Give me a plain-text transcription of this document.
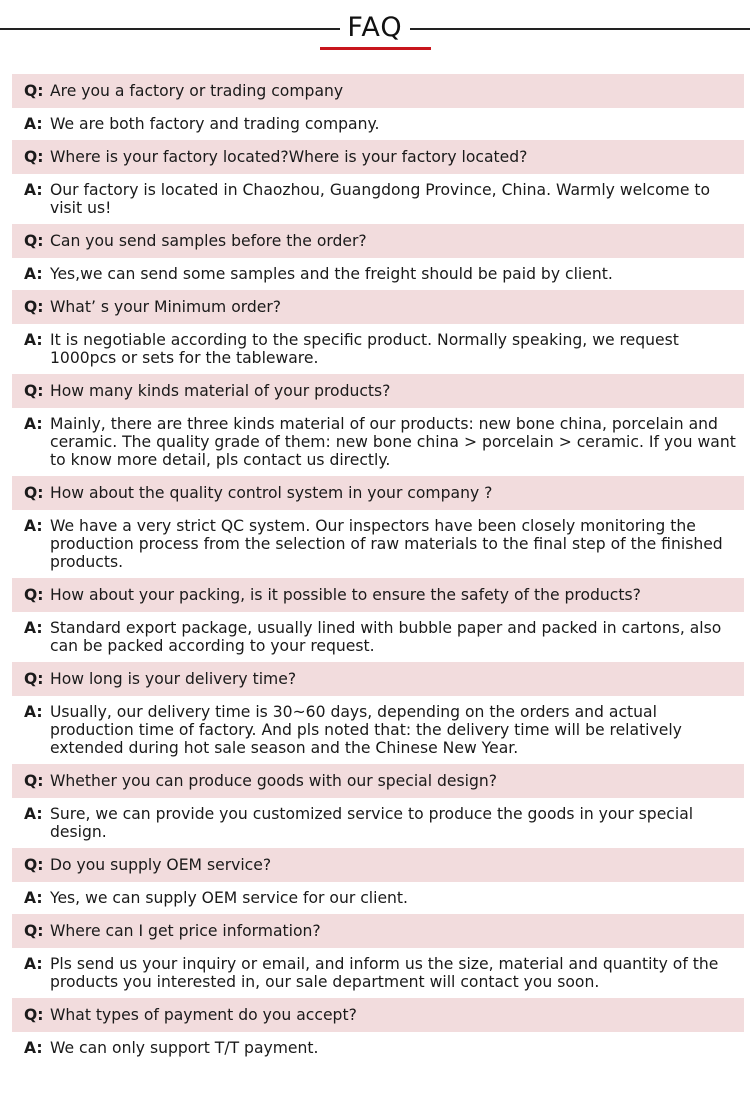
FAQ
Q: Are you a factory or trading company
A: We are both factory and trading company.
Q: Where is your factory located?Where is your factory located?
A: Our factory is located in Chaozhou, Guangdong Province, China. Warmly welcome to visit us!
Q: Can you send samples before the order?
A: Yes,we can send some samples and the freight should be paid by client.
Q: What’ s your Minimum order?
A: It is negotiable according to the specific product. Normally speaking, we request 1000pcs or sets for the tableware.
Q: How many kinds material of your products?
A: Mainly, there are three kinds material of our products: new bone china, porcelain and ceramic. The quality grade of them: new bone china > porcelain > ceramic. If you want to know more detail, pls contact us directly.
Q: How about the quality control system in your company ?
A: We have a very strict QC system. Our inspectors have been closely monitoring the production process from the selection of raw materials to the final step of the finished products.
Q: How about your packing, is it possible to ensure the safety of the products?
A: Standard export package, usually lined with bubble paper and packed in cartons, also can be packed according to your request.
Q: How long is your delivery time?
A: Usually, our delivery time is 30~60 days, depending on the orders and actual production time of factory. And pls noted that: the delivery time will be relatively extended during hot sale season and the Chinese New Year.
Q: Whether you can produce goods with our special design?
A: Sure, we can provide you customized service to produce the goods in your special design.
Q: Do you supply OEM service?
A: Yes, we can supply OEM service for our client.
Q: Where can I get price information?
A: Pls send us your inquiry or email, and inform us the size, material and quantity of the products you interested in, our sale department will contact you soon.
Q: What types of payment do you accept?
A: We can only support T/T payment.
